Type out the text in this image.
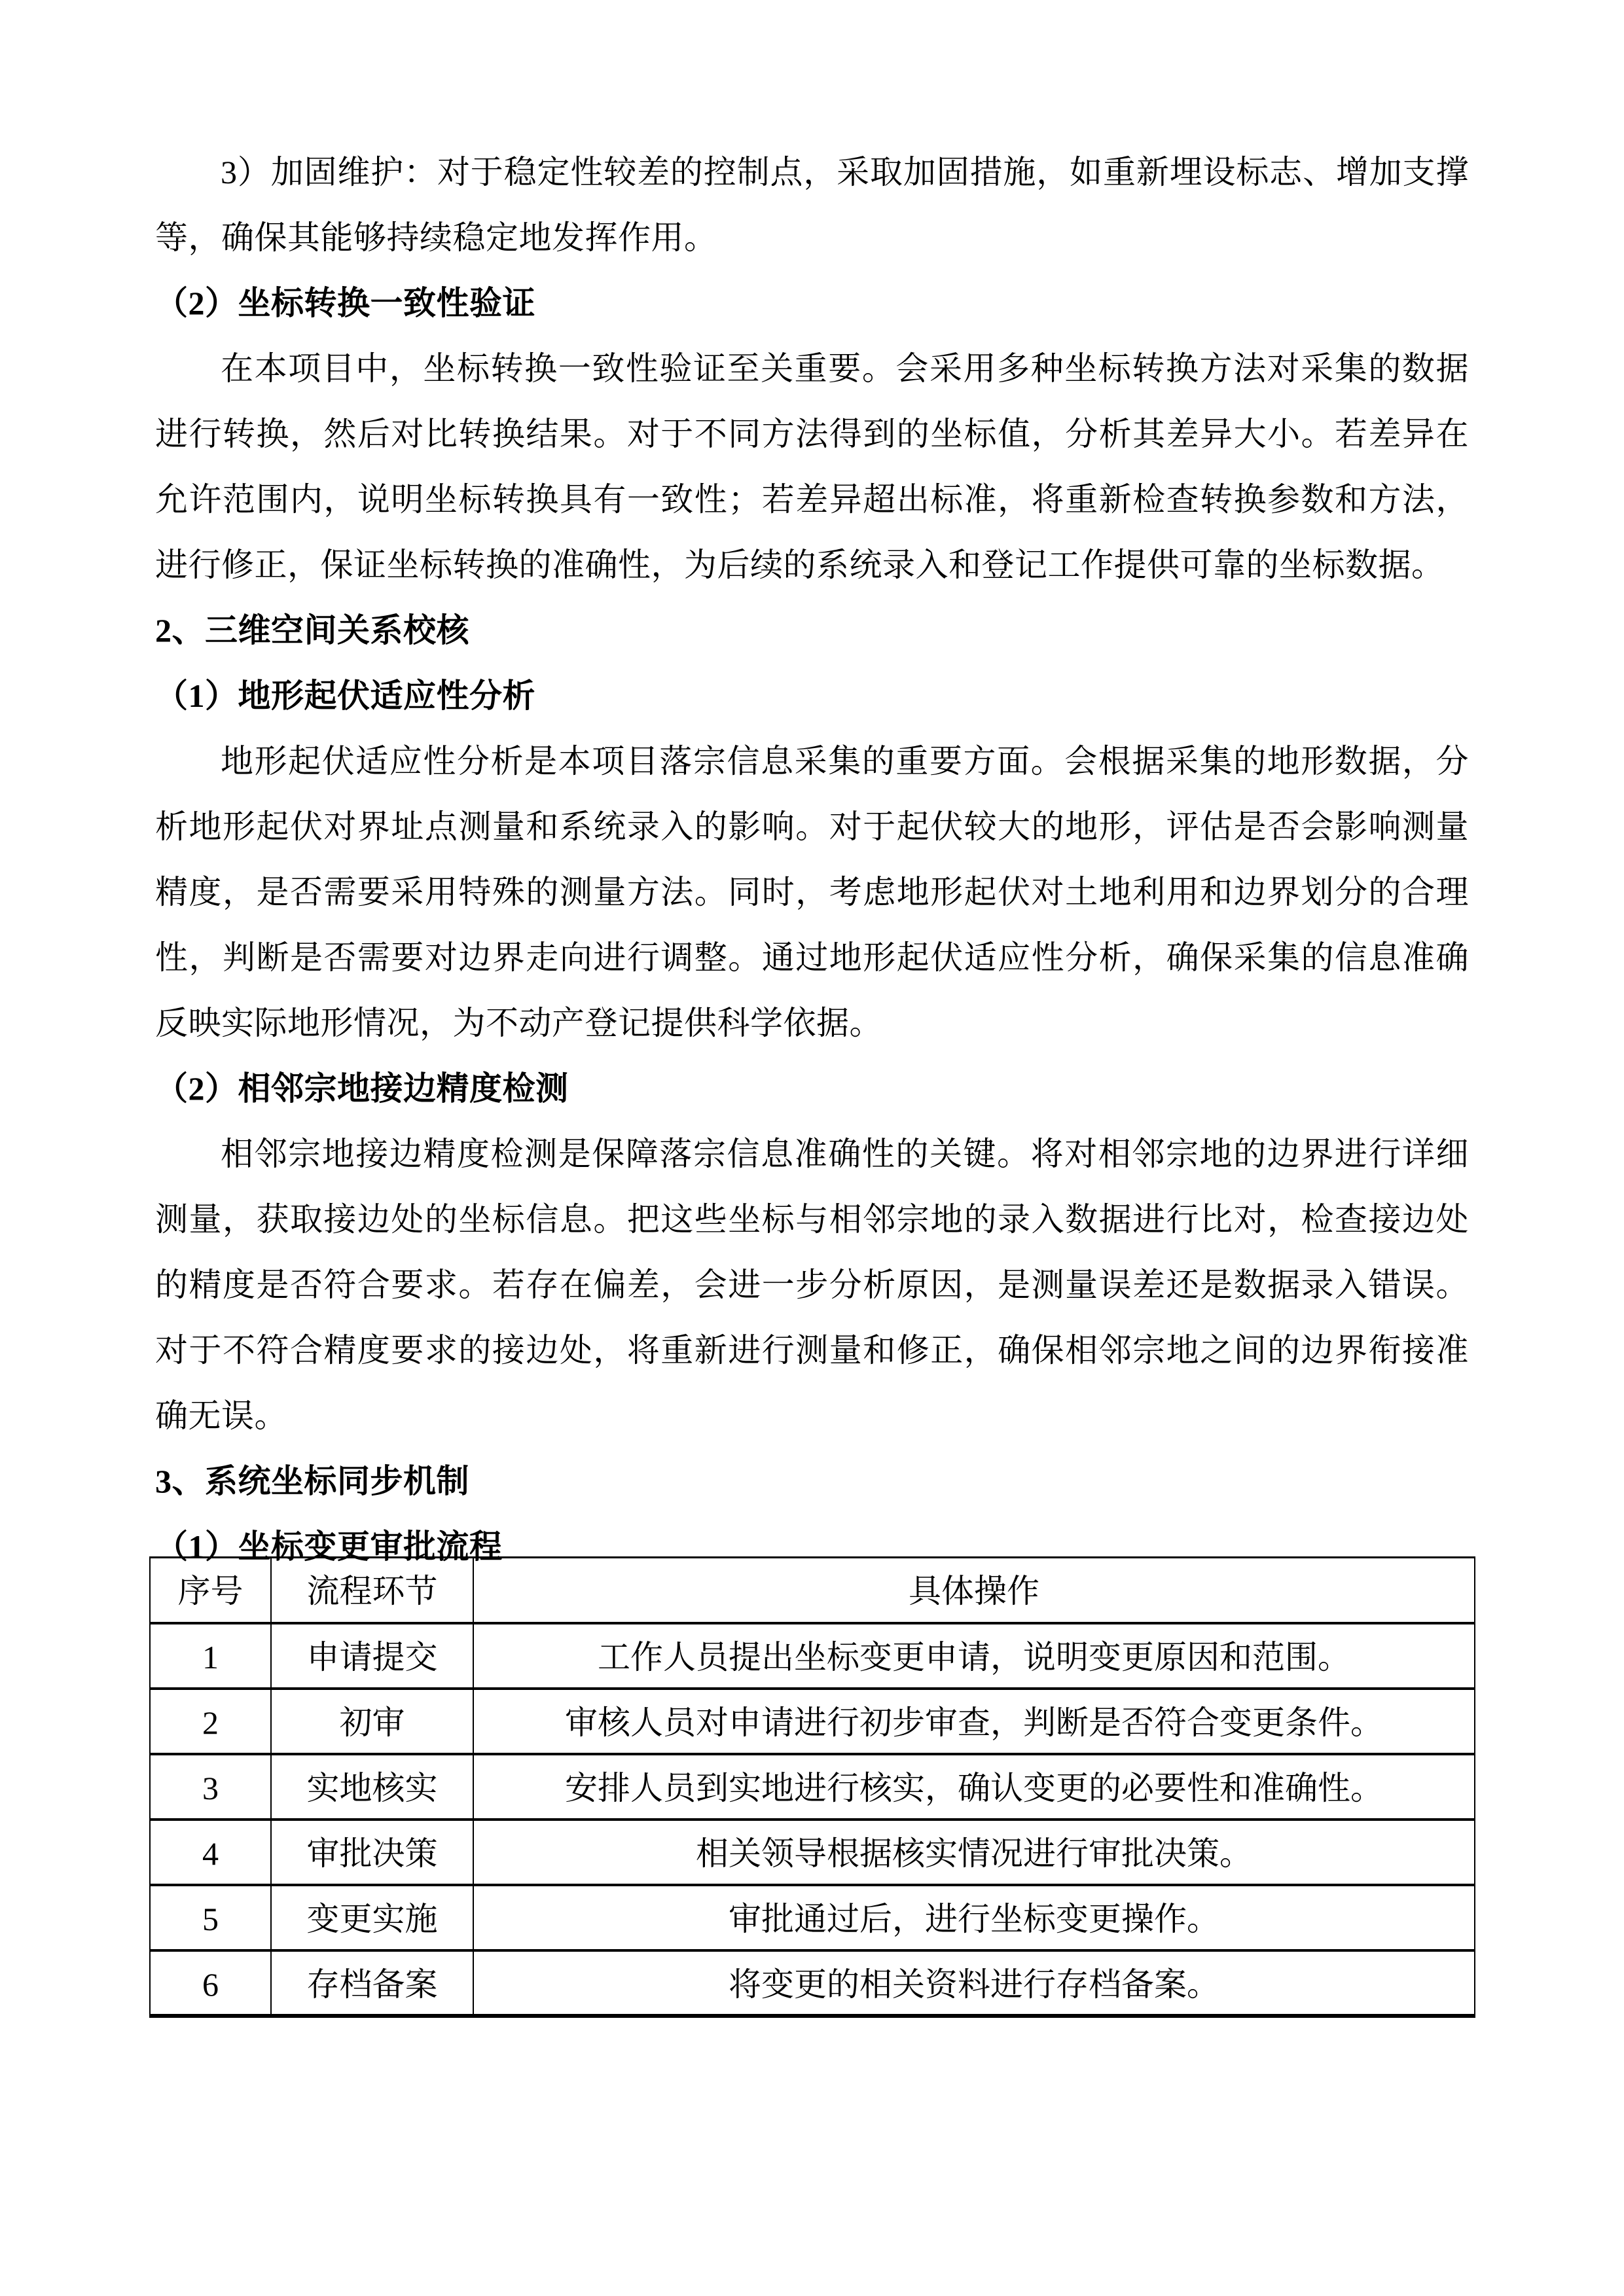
3）加固维护：对于稳定性较差的控制点，采取加固措施，如重新埋设标志、增加支撑等，确保其能够持续稳定地发挥作用。

（2）坐标转换一致性验证

在本项目中，坐标转换一致性验证至关重要。会采用多种坐标转换方法对采集的数据进行转换，然后对比转换结果。对于不同方法得到的坐标值，分析其差异大小。若差异在允许范围内，说明坐标转换具有一致性；若差异超出标准，将重新检查转换参数和方法，进行修正，保证坐标转换的准确性，为后续的系统录入和登记工作提供可靠的坐标数据。

2、三维空间关系校核

（1）地形起伏适应性分析

地形起伏适应性分析是本项目落宗信息采集的重要方面。会根据采集的地形数据，分析地形起伏对界址点测量和系统录入的影响。对于起伏较大的地形，评估是否会影响测量精度，是否需要采用特殊的测量方法。同时，考虑地形起伏对土地利用和边界划分的合理性，判断是否需要对边界走向进行调整。通过地形起伏适应性分析，确保采集的信息准确反映实际地形情况，为不动产登记提供科学依据。

（2）相邻宗地接边精度检测

相邻宗地接边精度检测是保障落宗信息准确性的关键。将对相邻宗地的边界进行详细测量，获取接边处的坐标信息。把这些坐标与相邻宗地的录入数据进行比对，检查接边处的精度是否符合要求。若存在偏差，会进一步分析原因，是测量误差还是数据录入错误。对于不符合精度要求的接边处，将重新进行测量和修正，确保相邻宗地之间的边界衔接准确无误。

3、系统坐标同步机制

（1）坐标变更审批流程

序号	流程环节	具体操作
1	申请提交	工作人员提出坐标变更申请，说明变更原因和范围。
2	初审	审核人员对申请进行初步审查，判断是否符合变更条件。
3	实地核实	安排人员到实地进行核实，确认变更的必要性和准确性。
4	审批决策	相关领导根据核实情况进行审批决策。
5	变更实施	审批通过后，进行坐标变更操作。
6	存档备案	将变更的相关资料进行存档备案。
